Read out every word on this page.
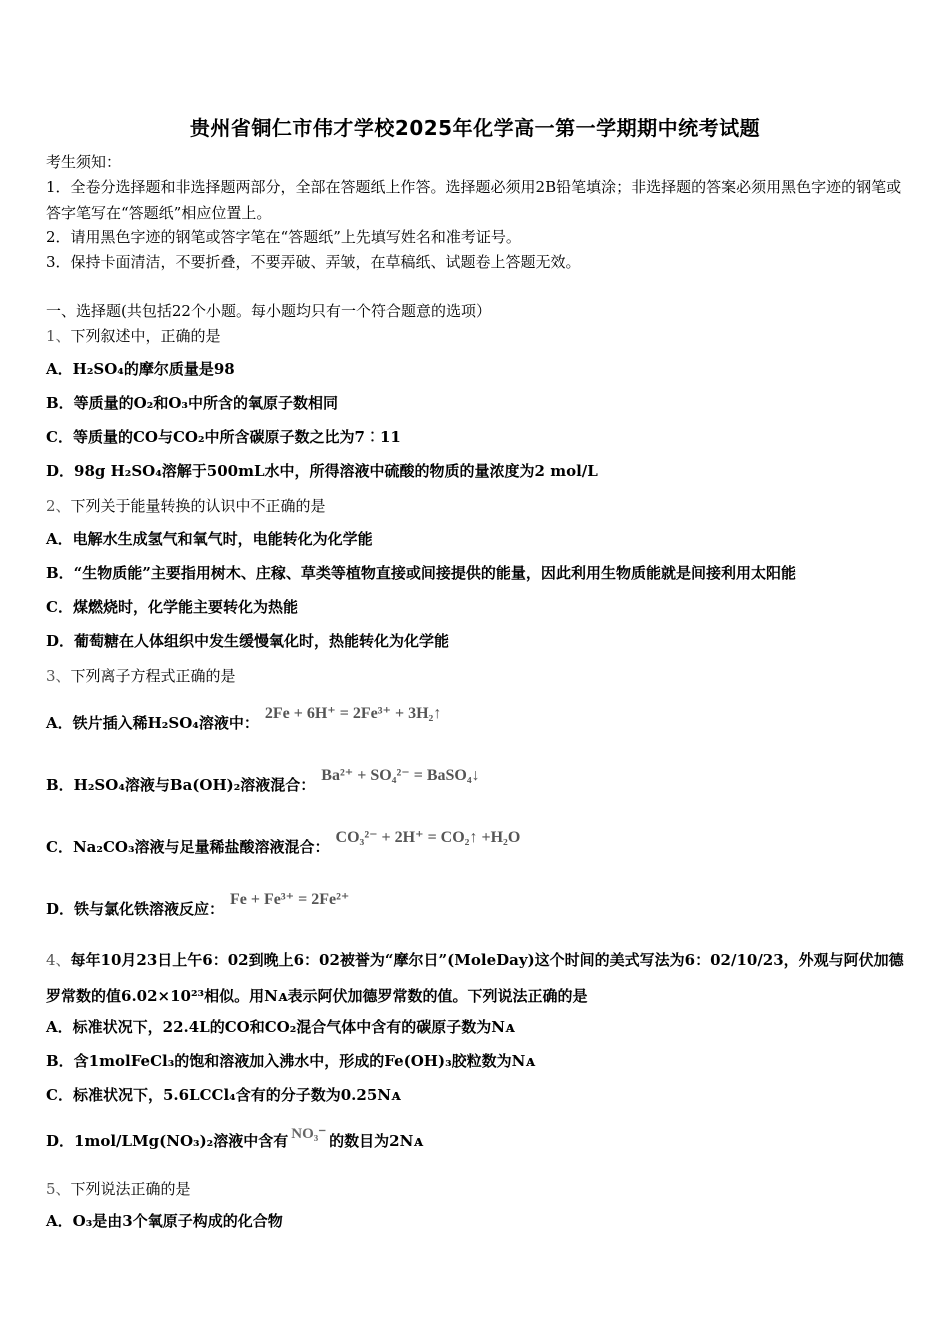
贵州省铜仁市伟才学校2025年化学高一第一学期期中统考试题
考生须知：
1．全卷分选择题和非选择题两部分，全部在答题纸上作答。选择题必须用2B铅笔填涂；非选择题的答案必须用黑色字迹的钢笔或答字笔写在“答题纸”相应位置上。
2．请用黑色字迹的钢笔或答字笔在“答题纸”上先填写姓名和准考证号。
3．保持卡面清洁，不要折叠，不要弄破、弄皱，在草稿纸、试题卷上答题无效。
一、选择题(共包括22个小题。每小题均只有一个符合题意的选项）
1、下列叙述中，正确的是
A．H₂SO₄的摩尔质量是98
B．等质量的O₂和O₃中所含的氧原子数相同
C．等质量的CO与CO₂中所含碳原子数之比为7︰11
D．98g H₂SO₄溶解于500mL水中，所得溶液中硫酸的物质的量浓度为2 mol/L
2、下列关于能量转换的认识中不正确的是
A．电解水生成氢气和氧气时，电能转化为化学能
B．“生物质能”主要指用树木、庄稼、草类等植物直接或间接提供的能量，因此利用生物质能就是间接利用太阳能
C．煤燃烧时，化学能主要转化为热能
D．葡萄糖在人体组织中发生缓慢氧化时，热能转化为化学能
3、下列离子方程式正确的是
A．铁片插入稀H₂SO₄溶液中：2Fe + 6H⁺ = 2Fe³⁺ + 3H₂↑
B．H₂SO₄溶液与Ba(OH)₂溶液混合：Ba²⁺ + SO₄²⁻ = BaSO₄↓
C．Na₂CO₃溶液与足量稀盐酸溶液混合：CO₃²⁻ + 2H⁺ = CO₂↑ +H₂O
D．铁与氯化铁溶液反应：Fe + Fe³⁺ = 2Fe²⁺
4、每年10月23日上午6：02到晚上6：02被誉为“摩尔日”(MoleDay)这个时间的美式写法为6：02/10/23，外观与阿伏加德罗常数的值6.02×10²³相似。用Nᴀ表示阿伏加德罗常数的值。下列说法正确的是
A．标准状况下，22.4L的CO和CO₂混合气体中含有的碳原子数为Nᴀ
B．含1molFeCl₃的饱和溶液加入沸水中，形成的Fe(OH)₃胶粒数为Nᴀ
C．标准状况下，5.6LCCl₄含有的分子数为0.25Nᴀ
D．1mol/LMg(NO₃)₂溶液中含有 NO₃⁻ 的数目为2Nᴀ
5、下列说法正确的是
A．O₃是由3个氧原子构成的化合物
